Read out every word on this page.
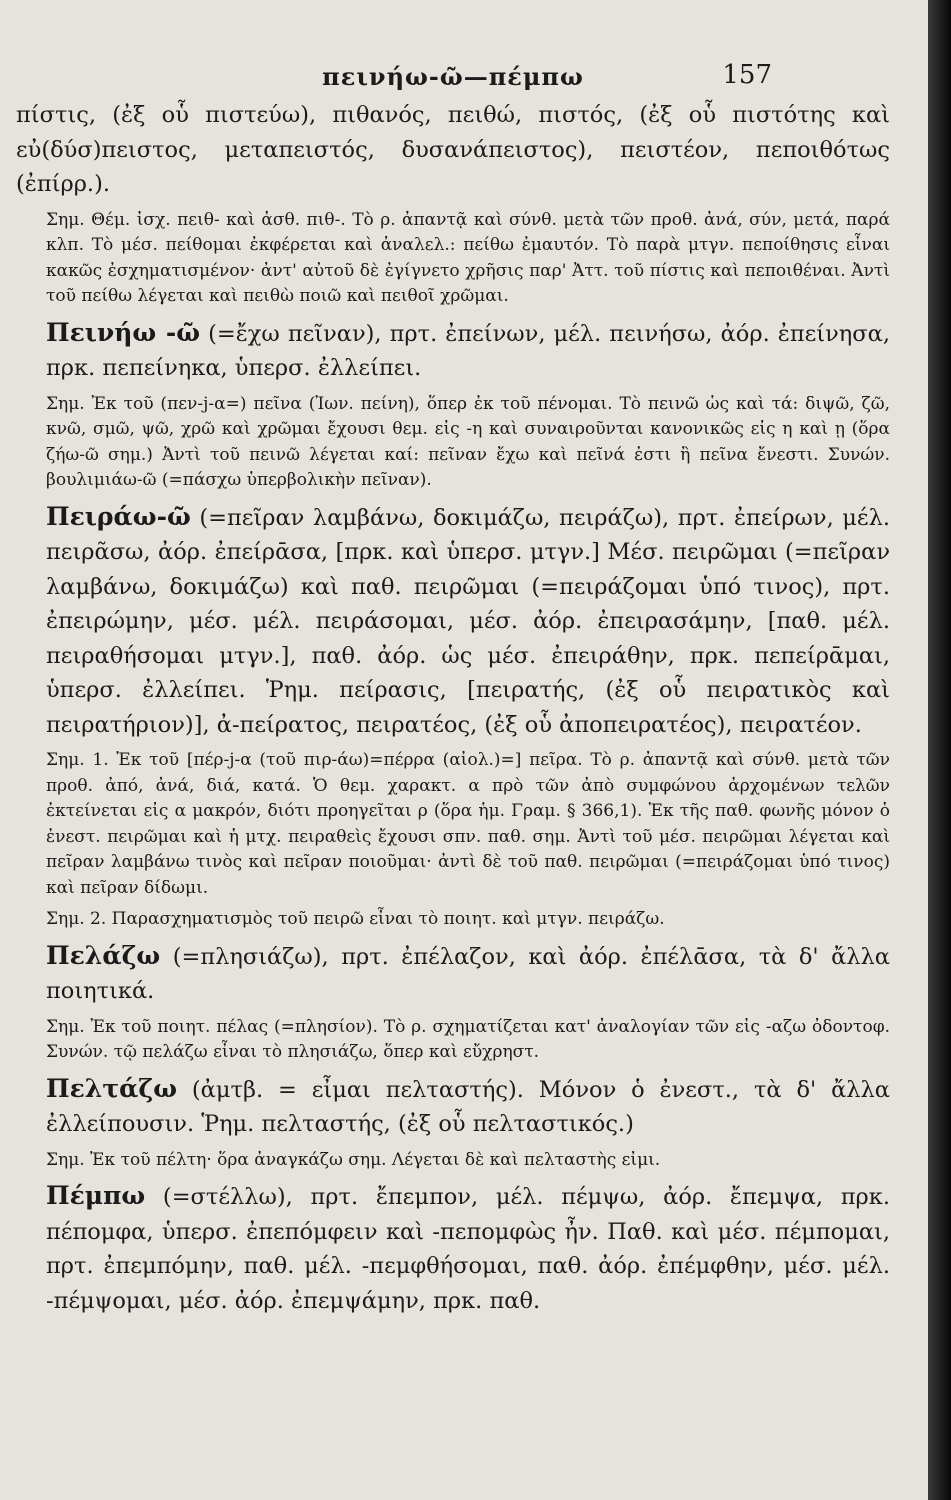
πεινήω-ῶ—πέμπω	157

πίστις, (ἐξ οὗ πιστεύω), πιθανός, πειθώ, πιστός, (ἐξ οὗ πιστότης καὶ εὐ(δύσ)πειστος, μεταπειστός, δυσανάπειστος), πειστέον, πεποιθότως (ἐπίρρ.).

Σημ. Θέμ. ἰσχ. πειθ- καὶ ἀσθ. πιθ-. Τὸ ρ. ἀπαντᾷ καὶ σύνθ. μετὰ τῶν προθ. ἀνά, σύν, μετά, παρά κλπ. Τὸ μέσ. πείθομαι ἐκφέρεται καὶ ἀναλελ.: πείθω ἐμαυτόν. Τὸ παρὰ μτγν. πεποίθησις εἶναι κακῶς ἐσχηματισμένον· ἀντ' αὐτοῦ δὲ ἐγίγνετο χρῆσις παρ' Ἀττ. τοῦ πίστις καὶ πεποιθέναι. Ἀντὶ τοῦ πείθω λέγεται καὶ πειθὼ ποιῶ καὶ πειθοῖ χρῶμαι.

Πεινήω -ῶ (=ἔχω πεῖναν), πρτ. ἐπείνων, μέλ. πεινήσω, ἀόρ. ἐπείνησα, πρκ. πεπείνηκα, ὑπερσ. ἐλλείπει.

Σημ. Ἐκ τοῦ (πεν-j-α=) πεῖνα (Ἰων. πείνη), ὅπερ ἐκ τοῦ πένομαι. Τὸ πεινῶ ὡς καὶ τά: διψῶ, ζῶ, κνῶ, σμῶ, ψῶ, χρῶ καὶ χρῶμαι ἔχουσι θεμ. εἰς -η καὶ συναιροῦνται κανονικῶς εἰς η καὶ ῃ (ὅρα ζήω-ῶ σημ.) Ἀντὶ τοῦ πεινῶ λέγεται καί: πεῖναν ἔχω καὶ πεῖνά ἐστι ἢ πεῖνα ἔνεστι. Συνών. βουλιμιάω-ῶ (=πάσχω ὑπερβολικὴν πεῖναν).

Πειράω-ῶ (=πεῖραν λαμβάνω, δοκιμάζω, πειράζω), πρτ. ἐπείρων, μέλ. πειρᾶσω, ἀόρ. ἐπείρᾱσα, [πρκ. καὶ ὑπερσ. μτγν.] Μέσ. πειρῶμαι (=πεῖραν λαμβάνω, δοκιμάζω) καὶ παθ. πειρῶμαι (=πειράζομαι ὑπό τινος), πρτ. ἐπειρώμην, μέσ. μέλ. πειράσομαι, μέσ. ἀόρ. ἐπειρασάμην, [παθ. μέλ. πειραθήσομαι μτγν.], παθ. ἀόρ. ὡς μέσ. ἐπειράθην, πρκ. πεπείρᾱμαι, ὑπερσ. ἐλλείπει. Ῥημ. πείρασις, [πειρατής, (ἐξ οὗ πειρατικὸς καὶ πειρατήριον)], ἀ-πείρατος, πειρατέος, (ἐξ οὗ ἀποπειρατέος), πειρατέον.

Σημ. 1. Ἐκ τοῦ [πέρ-j-α (τοῦ πιρ-άω)=πέρρα (αἰολ.)=] πεῖρα. Τὸ ρ. ἀπαντᾷ καὶ σύνθ. μετὰ τῶν προθ. ἀπό, ἀνά, διά, κατά. Ὁ θεμ. χαρακτ. α πρὸ τῶν ἀπὸ συμφώνου ἀρχομένων τελῶν ἐκτείνεται εἰς α μακρόν, διότι προηγεῖται ρ (ὅρα ἡμ. Γραμ. § 366,1). Ἐκ τῆς παθ. φωνῆς μόνον ὁ ἐνεστ. πειρῶμαι καὶ ἡ μτχ. πειραθεὶς ἔχουσι σπν. παθ. σημ. Ἀντὶ τοῦ μέσ. πειρῶμαι λέγεται καὶ πεῖραν λαμβάνω τινὸς καὶ πεῖραν ποιοῦμαι· ἀντὶ δὲ τοῦ παθ. πειρῶμαι (=πειράζομαι ὑπό τινος) καὶ πεῖραν δίδωμι.

Σημ. 2. Παρασχηματισμὸς τοῦ πειρῶ εἶναι τὸ ποιητ. καὶ μτγν. πειράζω.

Πελάζω (=πλησιάζω), πρτ. ἐπέλαζον, καὶ ἀόρ. ἐπέλᾱσα, τὰ δ' ἄλλα ποιητικά.

Σημ. Ἐκ τοῦ ποιητ. πέλας (=πλησίον). Τὸ ρ. σχηματίζεται κατ' ἀναλογίαν τῶν εἰς -αζω ὀδοντοφ. Συνών. τῷ πελάζω εἶναι τὸ πλησιάζω, ὅπερ καὶ εὔχρηστ.

Πελτάζω (ἀμτβ. = εἶμαι πελταστής). Μόνον ὁ ἐνεστ., τὰ δ' ἄλλα ἐλλείπουσιν. Ῥημ. πελταστής, (ἐξ οὗ πελταστικός.)

Σημ. Ἐκ τοῦ πέλτη· ὅρα ἀναγκάζω σημ. Λέγεται δὲ καὶ πελταστὴς εἰμι.

Πέμπω (=στέλλω), πρτ. ἔπεμπον, μέλ. πέμψω, ἀόρ. ἔπεμψα, πρκ. πέπομφα, ὑπερσ. ἐπεπόμφειν καὶ -πεπομφὼς ἦν. Παθ. καὶ μέσ. πέμπομαι, πρτ. ἐπεμπόμην, παθ. μέλ. -πεμφθήσομαι, παθ. ἀόρ. ἐπέμφθην, μέσ. μέλ. -πέμψομαι, μέσ. ἀόρ. ἐπεμψάμην, πρκ. παθ.
